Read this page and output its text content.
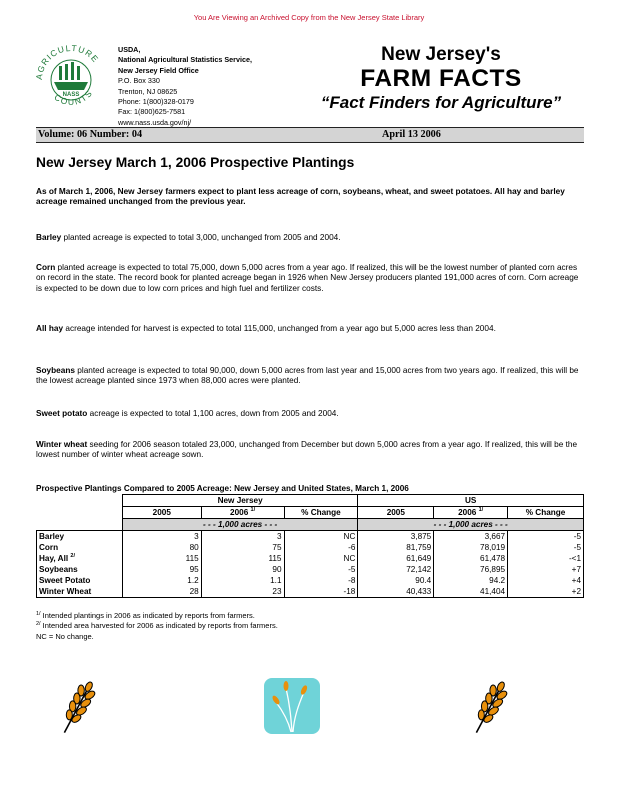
You Are Viewing an Archived Copy from the New Jersey State Library
AGRICULTURE
COUNTS
NASS
USDA,
National Agricultural Statistics Service,
New Jersey Field Office
P.O. Box 330
Trenton, NJ 08625
Phone: 1(800)328-0179
Fax: 1(800)625-7581
www.nass.usda.gov/nj/
New Jersey's
FARM FACTS
“Fact Finders for Agriculture”
Volume: 06 Number: 04	April 13 2006
New Jersey March 1, 2006 Prospective Plantings
As of March 1, 2006, New Jersey farmers expect to plant less acreage of corn, soybeans, wheat, and sweet potatoes. All hay and barley acreage remained unchanged from the previous year.
Barley planted acreage is expected to total 3,000, unchanged from 2005 and 2004.
Corn planted acreage is expected to total 75,000, down 5,000 acres from a year ago. If realized, this will be the lowest number of planted corn acres on record in the state. The record book for planted acreage began in 1926 when New Jersey producers planted 191,000 acres of corn. Corn acreage is expected to be down due to low corn prices and high fuel and fertilizer costs.
All hay acreage intended for harvest is expected to total 115,000, unchanged from a year ago but 5,000 acres less than 2004.
Soybeans planted acreage is expected to total 90,000, down 5,000 acres from last year and 15,000 acres from two years ago. If realized, this will be the lowest acreage planted since 1973 when 88,000 acres were planted.
Sweet potato acreage is expected to total 1,100 acres, down from 2005 and 2004.
Winter wheat seeding for 2006 season totaled 23,000, unchanged from December but down 5,000 acres from a year ago. If realized, this will be the lowest number of winter wheat acreage sown.
Prospective Plantings Compared to 2005 Acreage: New Jersey and United States, March 1, 2006
	New Jersey			US		
	2005	2006 $^{1/}$	% Change	2005	2006 $^{1/}$	% Change
	- - - 1,000 acres - - -			- - - 1,000 acres - - -		
Barley	3	3	NC	3,875	3,667	-5
Corn	80	75	-6	81,759	78,019	-5
Hay, All $^{2/}$	115	115	NC	61,649	61,478	-<1
Soybeans	95	90	-5	72,142	76,895	+7
Sweet Potato	1.2	1.1	-8	90.4	94.2	+4
Winter Wheat	28	23	-18	40,433	41,404	+2
$^{1/}$ Intended plantings in 2006 as indicated by reports from farmers.
$^{2/}$ Intended area harvested for 2006 as indicated by reports from farmers.
NC = No change.
